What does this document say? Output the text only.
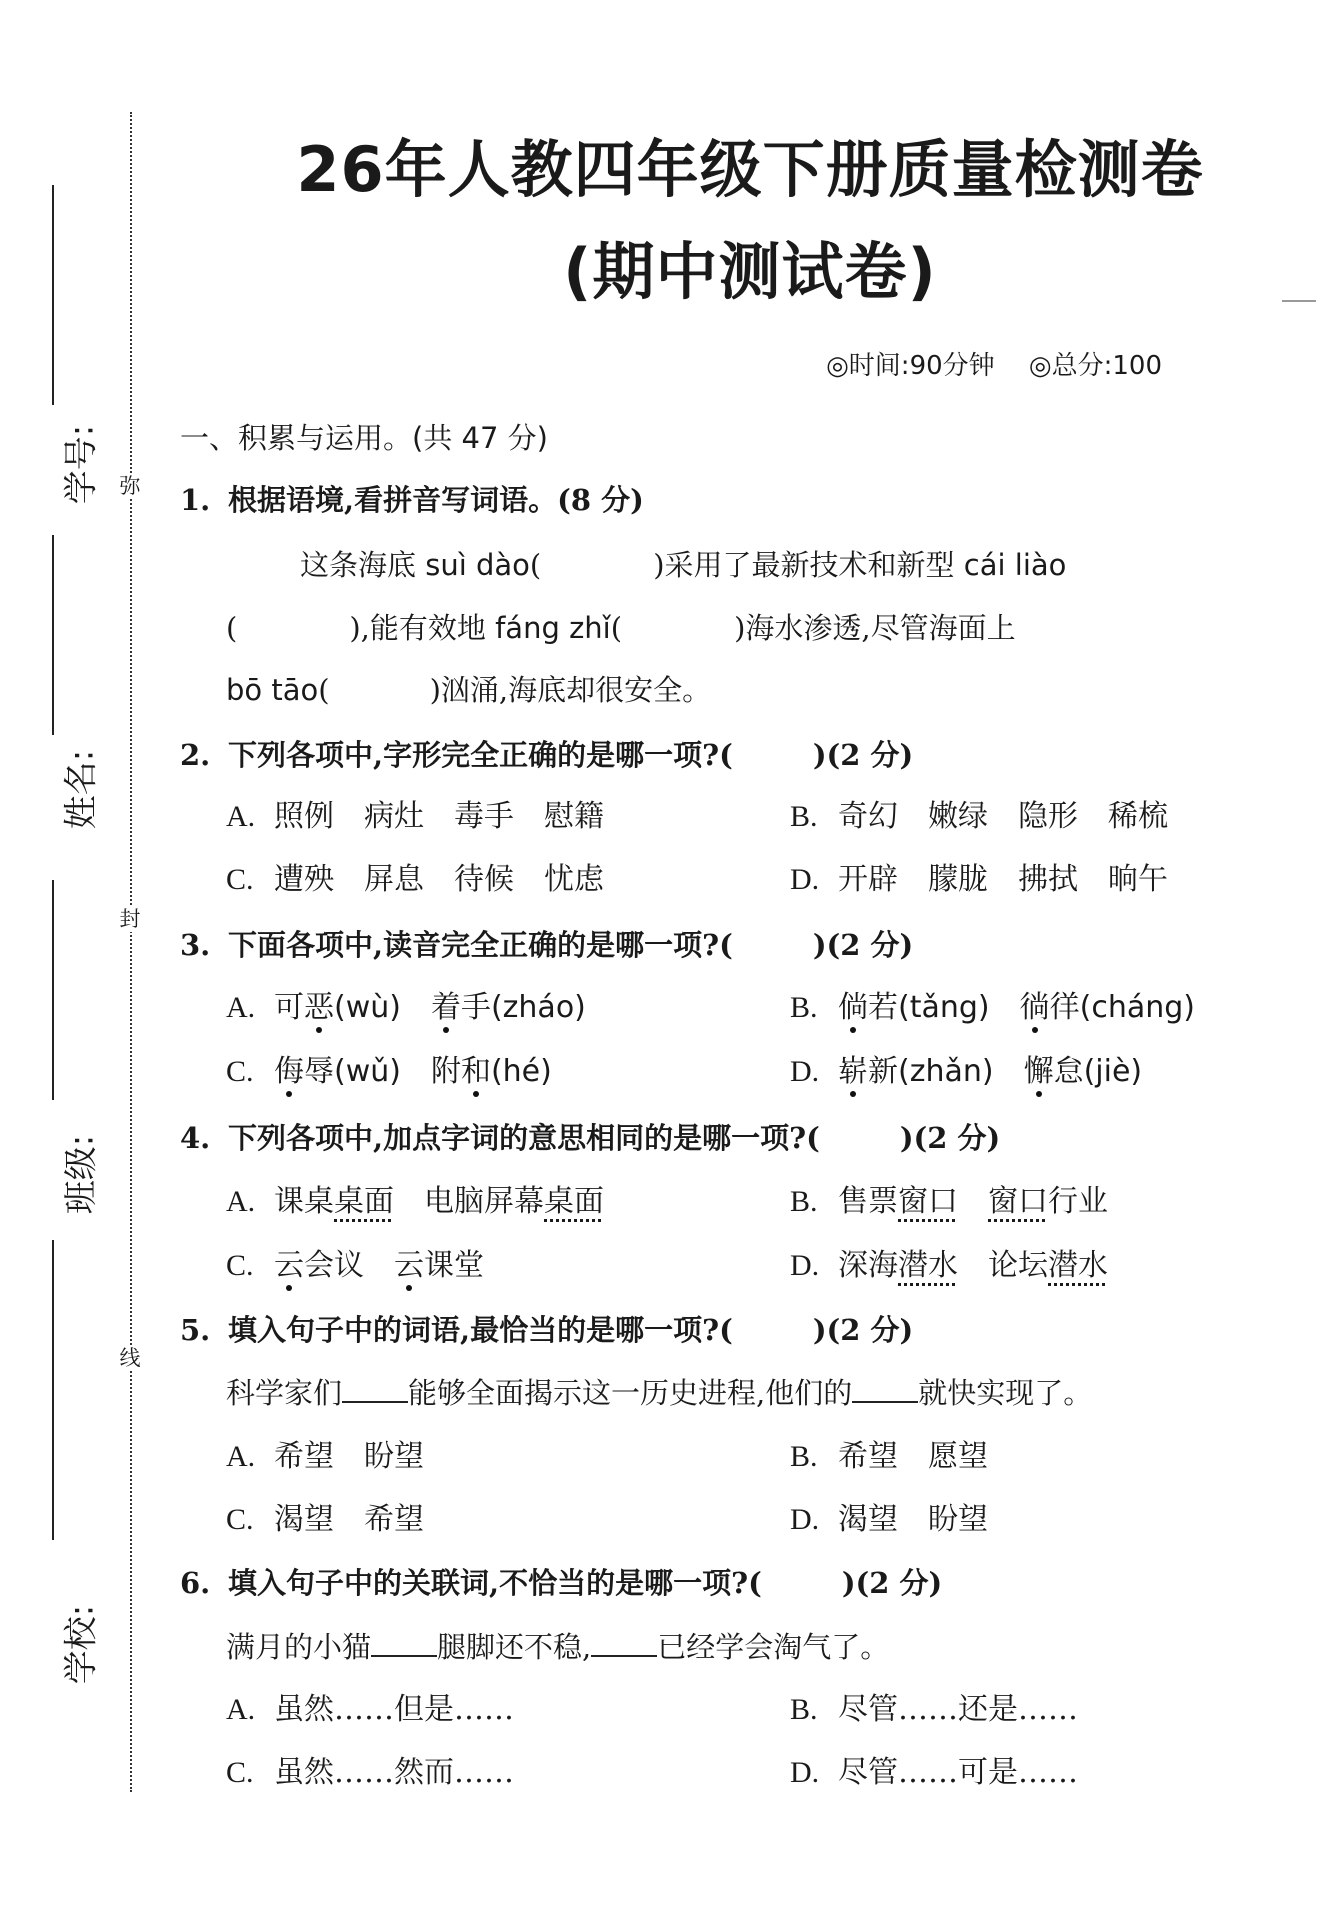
学号:
姓名:
班级:
学校:
弥
封
线
26年人教四年级下册质量检测卷
(期中测试卷)
◎时间:90分钟 ◎总分:100
一、积累与运用。(共 47 分)
1. 根据语境,看拼音写词语。(8 分)
这条海底 suì dào(	)采用了最新技术和新型 cái liào
(	),能有效地 fáng zhǐ(	)海水渗透,尽管海面上
bō tāo(	)汹涌,海底却很安全。
2. 下列各项中,字形完全正确的是哪一项?(	)(2 分)
A. 照例 病灶 毒手 慰籍	B. 奇幻 嫩绿 隐形 稀梳
C. 遭殃 屏息 待候 忧虑	D. 开辟 朦胧 拂拭 晌午
3. 下面各项中,读音完全正确的是哪一项?(	)(2 分)
A. 可恶(wù) 着手(zháo)	B. 倘若(tǎng) 徜徉(cháng)
C. 侮辱(wǔ) 附和(hé)	D. 崭新(zhǎn) 懈怠(jiè)
4. 下列各项中,加点字词的意思相同的是哪一项?(	)(2 分)
A. 课桌桌面 电脑屏幕桌面	B. 售票窗口 窗口行业
C. 云会议 云课堂	D. 深海潜水 论坛潜水
5. 填入句子中的词语,最恰当的是哪一项?(	)(2 分)
科学家们 能够全面揭示这一历史进程,他们的 就快实现了。
A. 希望 盼望	B. 希望 愿望
C. 渴望 希望	D. 渴望 盼望
6. 填入句子中的关联词,不恰当的是哪一项?(	)(2 分)
满月的小猫 腿脚还不稳, 已经学会淘气了。
A. 虽然……但是……	B. 尽管……还是……
C. 虽然……然而……	D. 尽管……可是……
